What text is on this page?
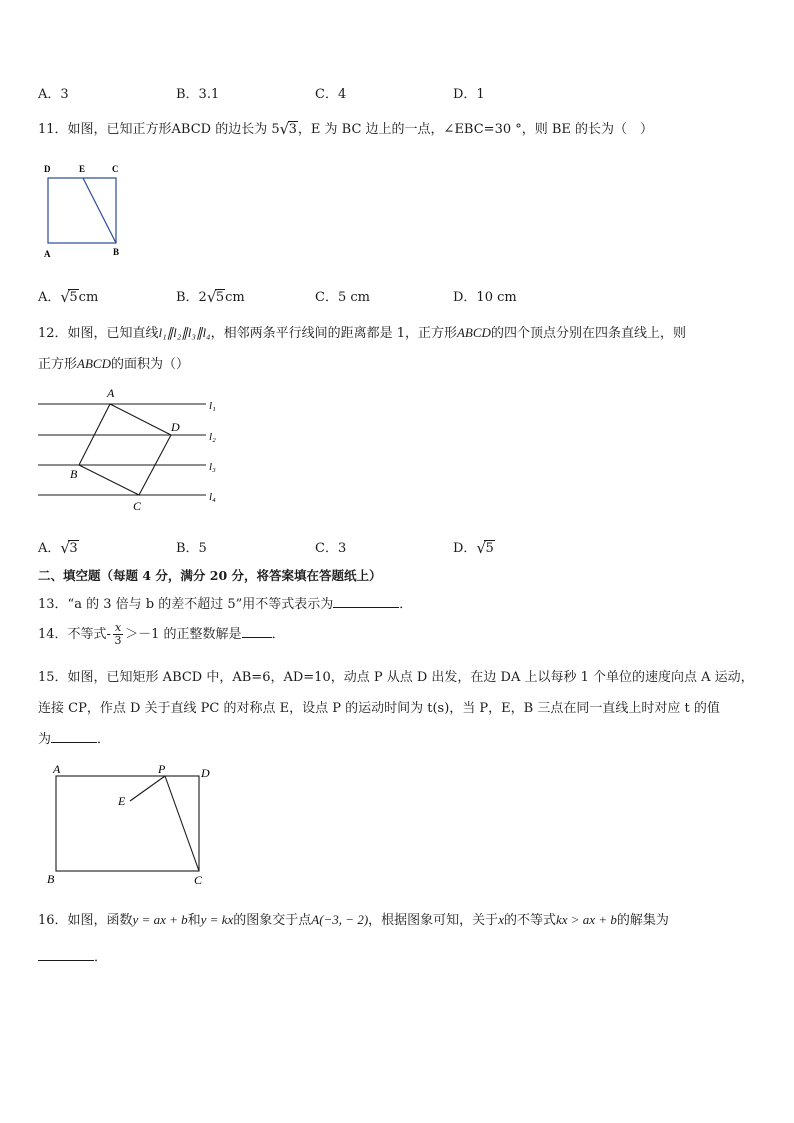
A．3	B．3.1	C．4	D．1
11．如图，已知正方形ABCD 的边长为 5 √ 3，E 为 BC 边上的一点，∠EBC=30 °，则 BE 的长为（　）
D	E	C
A	B
A． √ 5cm	B．2 √ 5cm	C．5 cm	D．10 cm
12．如图，已知直线l₁∥l₂∥l₃∥l₄，相邻两条平行线间的距离都是 1，正方形ABCD的四个顶点分别在四条直线上，则
正方形ABCD的面积为（）
A
D
B
C
l₁
l₂
l₃
l₄
A． √ 3	B．5	C．3	D． √ 5
二、填空题（每题 4 分，满分 20 分，将答案填在答题纸上）
13．“a 的 3 倍与 b 的差不超过 5”用不等式表示为	．
14．不等式- $\frac{x}{3} >-1$ 的正整数解是 ．
15．如图，已知矩形 ABCD 中，AB=6，AD=10，动点 P 从点 D 出发，在边 DA 上以每秒 1 个单位的速度向点 A 运动，
连接 CP，作点 D 关于直线 PC 的对称点 E，设点 P 的运动时间为 t(s)，当 P，E，B 三点在同一直线上时对应 t 的值
为	．
A	P	D
E
B	C
16．如图，函数y = ax + b和y = kx的图象交于点A(−3, − 2)，根据图象可知，关于x的不等式kx > ax + b的解集为
．
